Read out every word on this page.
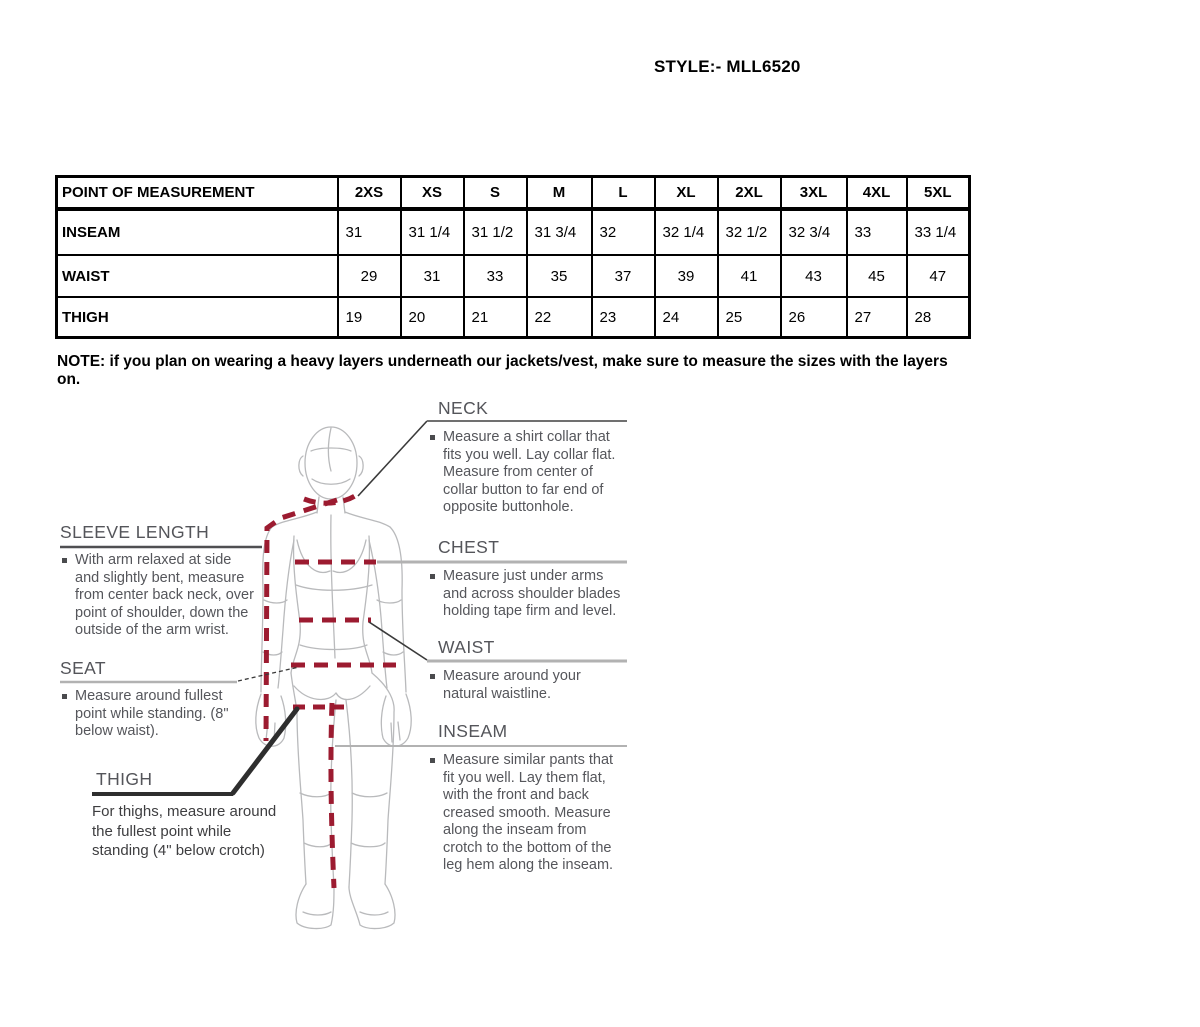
STYLE:- MLL6520
POINT OF MEASUREMENT	2XS	XS	S	M	L	XL	2XL	3XL	4XL	5XL
INSEAM	31	31 1/4	31 1/2	31 3/4	32	32 1/4	32 1/2	32 3/4	33	33 1/4
WAIST	29	31	33	35	37	39	41	43	45	47
THIGH	19	20	21	22	23	24	25	26	27	28
NOTE: if you plan on wearing a heavy layers underneath our jackets/vest, make sure to measure the sizes with the layers on.
SLEEVE LENGTH
With arm relaxed at side and slightly bent, measure from center back neck, over point of shoulder, down the outside of the arm wrist.
SEAT
Measure around fullest point while standing. (8" below waist).
THIGH
For thighs, measure around the fullest point while standing (4" below crotch)
NECK
Measure a shirt collar that fits you well. Lay collar flat. Measure from center of collar button to far end of opposite buttonhole.
CHEST
Measure just under arms and across shoulder blades holding tape firm and level.
WAIST
Measure around your natural waistline.
INSEAM
Measure similar pants that fit you well. Lay them flat, with the front and back creased smooth. Measure along the inseam from crotch to the bottom of the leg hem along the inseam.
